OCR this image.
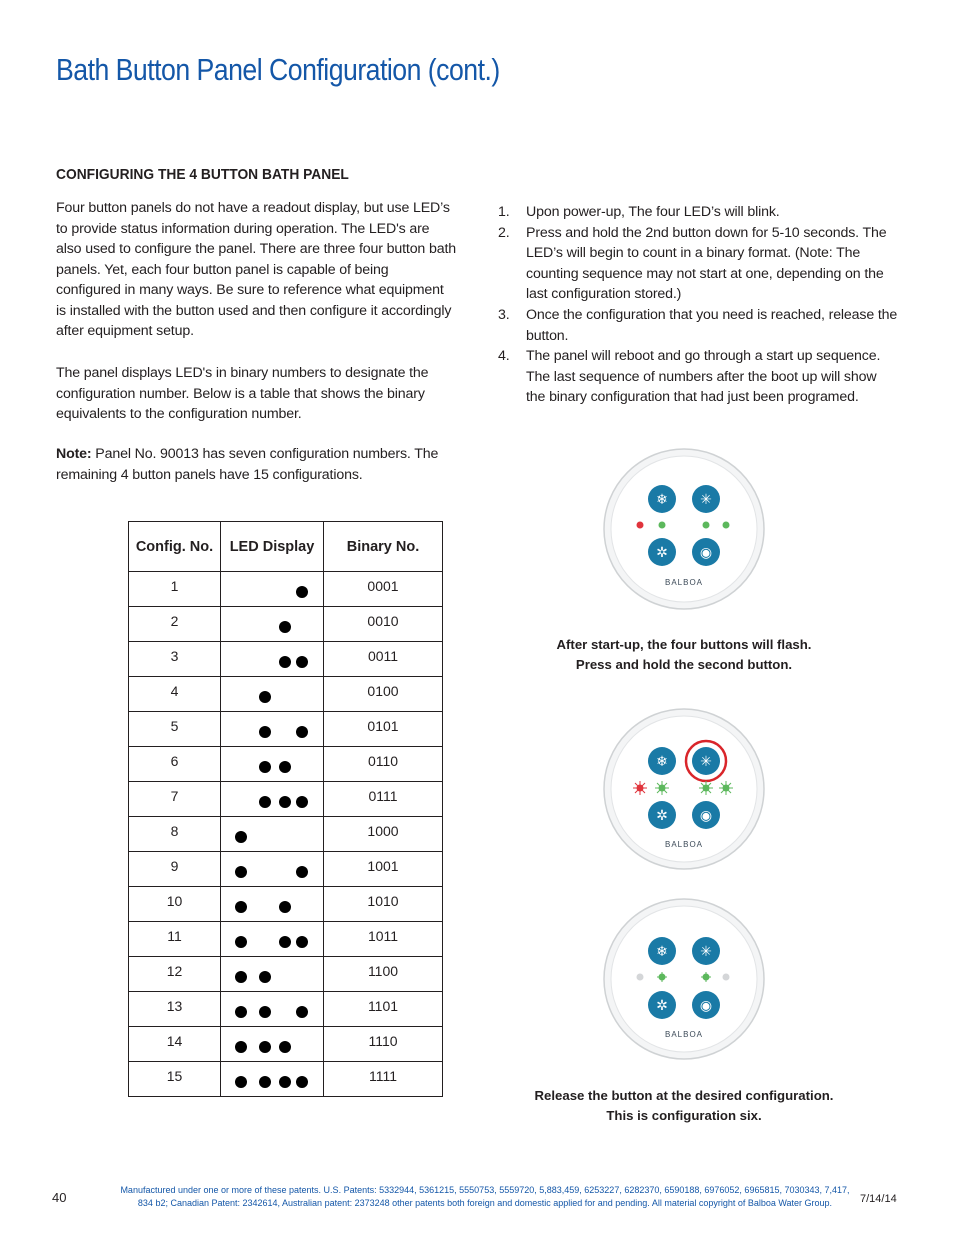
Bath Button Panel Configuration (cont.)
CONFIGURING THE 4 BUTTON BATH PANEL

Four button panels do not have a readout display, but use LED’s to provide status information during operation. The LED's are also used to configure the panel. There are three four button bath panels. Yet, each four button panel is capable of being configured in many ways. Be sure to reference what equipment is installed with the button used and then configure it accordingly after equipment setup.

The panel displays LED's in binary numbers to designate the configuration number. Below is a table that shows the binary equivalents to the configuration number.

Note: Panel No. 90013 has seven configuration numbers. The remaining 4 button panels have 15 configurations.

1. Upon power-up, The four LED’s will blink.
2. Press and hold the 2nd button down for 5-10 seconds. The LED’s will begin to count in a binary format. (Note: The counting sequence may not start at one, depending on the last configuration stored.)
3. Once the configuration that you need is reached, release the button.
4. The panel will reboot and go through a start up sequence. The last sequence of numbers after the boot up will show the binary configuration that had just been programed.
Config. No.	LED Display	Binary No.

1		0001

2		0010

3		0011

4		0100

5		0101

6		0110

7		0111

8		1000

9		1001

10		1010

11		1011

12		1100

13		1101

14		1110

15		1111
❄ ✳
✲ ◉
BALBOA

After start-up, the four buttons will flash.
Press and hold the second button.

❄ ✳
✲ ◉
BALBOA
❄ ✳
✲ ◉
BALBOA

Release the button at the desired configuration.
This is configuration six.

40	Manufactured under one or more of these patents. U.S. Patents: 5332944, 5361215, 5550753, 5559720, 5,883,459, 6253227, 6282370, 6590188, 6976052, 6965815, 7030343, 7,417,
834 b2; Canadian Patent: 2342614, Australian patent: 2373248 other patents both foreign and domestic applied for and pending. All material copyright of Balboa Water Group.	7/14/14
